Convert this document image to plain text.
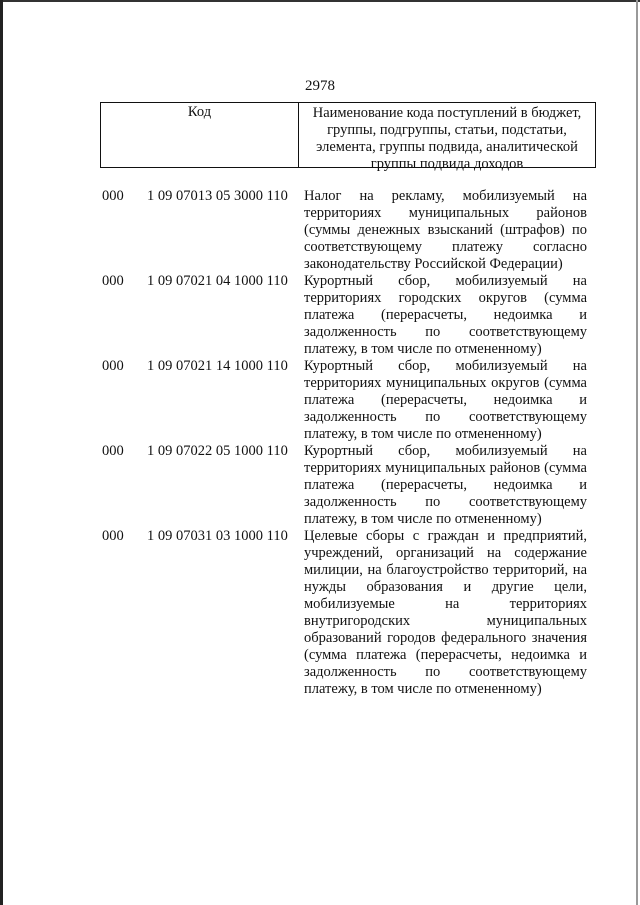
2978
Код	Наименование кода поступлений в бюджет,
группы, подгруппы, статьи, подстатьи,
элемента, группы подвида, аналитической
группы подвида доходов
000	1 09 07013 05 3000 110	Налог на рекламу, мобилизуемый на
территориях муниципальных районов
(суммы денежных взысканий (штрафов) по
соответствующему платежу согласно
законодательству Российской Федерации)
000	1 09 07021 04 1000 110	Курортный сбор, мобилизуемый на
территориях городских округов (сумма
платежа (перерасчеты, недоимка и
задолженность по соответствующему
платежу, в том числе по отмененному)
000	1 09 07021 14 1000 110	Курортный сбор, мобилизуемый на
территориях муниципальных округов (сумма
платежа (перерасчеты, недоимка и
задолженность по соответствующему
платежу, в том числе по отмененному)
000	1 09 07022 05 1000 110	Курортный сбор, мобилизуемый на
территориях муниципальных районов (сумма
платежа (перерасчеты, недоимка и
задолженность по соответствующему
платежу, в том числе по отмененному)
000	1 09 07031 03 1000 110	Целевые сборы с граждан и предприятий,
учреждений, организаций на содержание
милиции, на благоустройство территорий, на
нужды образования и другие цели,
мобилизуемые на территориях
внутригородских муниципальных
образований городов федерального значения
(сумма платежа (перерасчеты, недоимка и
задолженность по соответствующему
платежу, в том числе по отмененному)
